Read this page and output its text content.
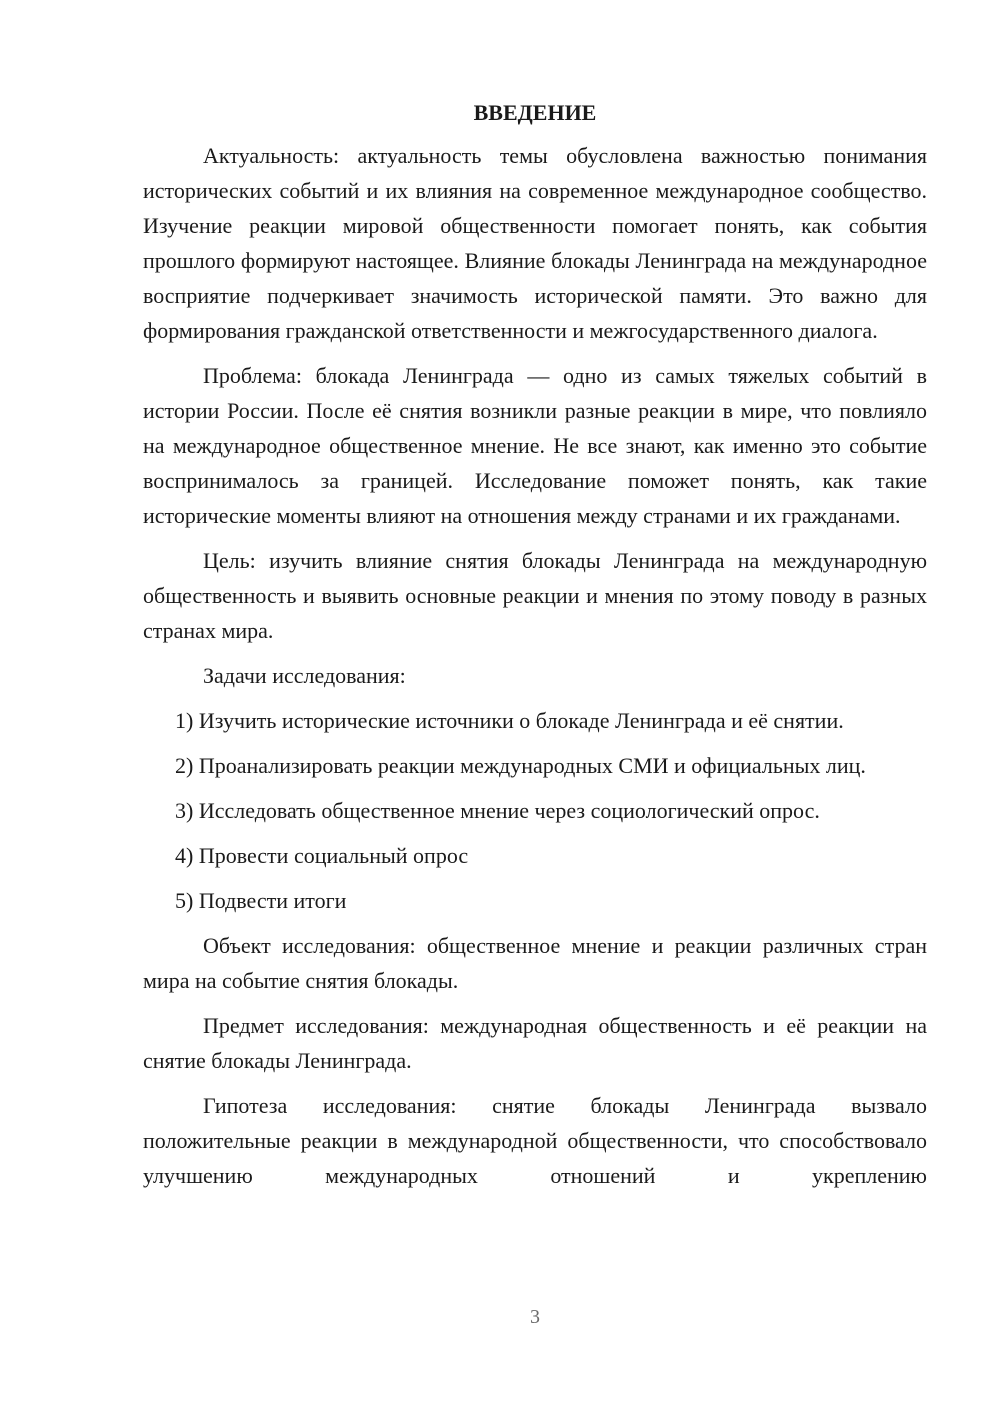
ВВЕДЕНИЕ

Актуальность: актуальность темы обусловлена важностью понимания исторических событий и их влияния на современное международное сообщество. Изучение реакции мировой общественности помогает понять, как события прошлого формируют настоящее. Влияние блокады Ленинграда на международное восприятие подчеркивает значимость исторической памяти. Это важно для формирования гражданской ответственности и межгосударственного диалога.

Проблема: блокада Ленинграда — одно из самых тяжелых событий в истории России. После её снятия возникли разные реакции в мире, что повлияло на международное общественное мнение. Не все знают, как именно это событие воспринималось за границей. Исследование поможет понять, как такие исторические моменты влияют на отношения между странами и их гражданами.

Цель: изучить влияние снятия блокады Ленинграда на международную общественность и выявить основные реакции и мнения по этому поводу в разных странах мира.

Задачи исследования:

1) Изучить исторические источники о блокаде Ленинграда и её снятии.

2) Проанализировать реакции международных СМИ и официальных лиц.

3) Исследовать общественное мнение через социологический опрос.

4) Провести социальный опрос

5) Подвести итоги

Объект исследования: общественное мнение и реакции различных стран мира на событие снятия блокады.

Предмет исследования: международная общественность и её реакции на снятие блокады Ленинграда.

Гипотеза исследования: снятие блокады Ленинграда вызвало положительные реакции в международной общественности, что способствовало улучшению международных отношений и укреплению

3
